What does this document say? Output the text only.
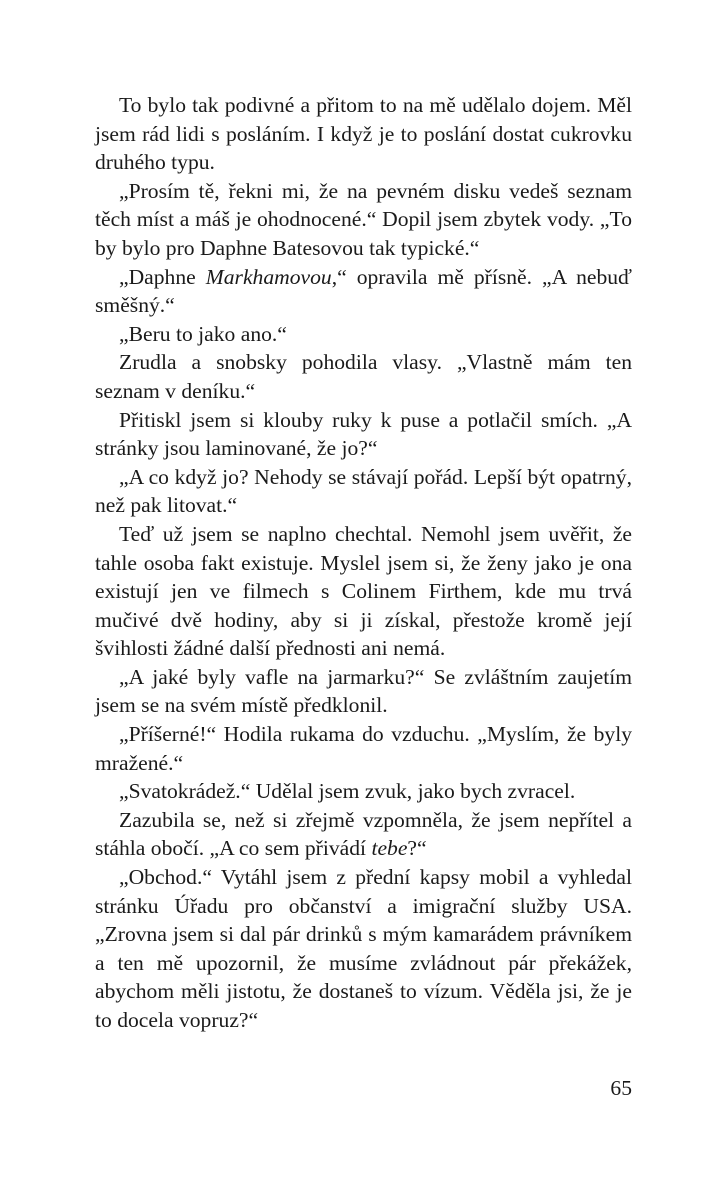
To bylo tak podivné a přitom to na mě udělalo dojem. Měl jsem rád lidi s posláním. I když je to poslání dostat cukrovku druhého typu.

„Prosím tě, řekni mi, že na pevném disku vedeš seznam těch míst a máš je ohodnocené.“ Dopil jsem zbytek vody. „To by bylo pro Daphne Batesovou tak typické.“

„Daphne Markhamovou,“ opravila mě přísně. „A nebuď směšný.“

„Beru to jako ano.“

Zrudla a snobsky pohodila vlasy. „Vlastně mám ten seznam v deníku.“

Přitiskl jsem si klouby ruky k puse a potlačil smích. „A stránky jsou laminované, že jo?“

„A co když jo? Nehody se stávají pořád. Lepší být opatrný, než pak litovat.“

Teď už jsem se naplno chechtal. Nemohl jsem uvěřit, že tahle osoba fakt existuje. Myslel jsem si, že ženy jako je ona existují jen ve filmech s Colinem Firthem, kde mu trvá mučivé dvě hodiny, aby si ji získal, přestože kromě její švihlosti žádné další přednosti ani nemá.

„A jaké byly vafle na jarmarku?“ Se zvláštním zaujetím jsem se na svém místě předklonil.

„Příšerné!“ Hodila rukama do vzduchu. „Myslím, že byly mražené.“

„Svatokrádež.“ Udělal jsem zvuk, jako bych zvracel.

Zazubila se, než si zřejmě vzpomněla, že jsem nepřítel a stáhla obočí. „A co sem přivádí tebe?“

„Obchod.“ Vytáhl jsem z přední kapsy mobil a vyhledal stránku Úřadu pro občanství a imigrační služby USA. „Zrovna jsem si dal pár drinků s mým kamarádem právníkem a ten mě upozornil, že musíme zvládnout pár překážek, abychom měli jistotu, že dostaneš to vízum. Věděla jsi, že je to docela vopruz?“

65
